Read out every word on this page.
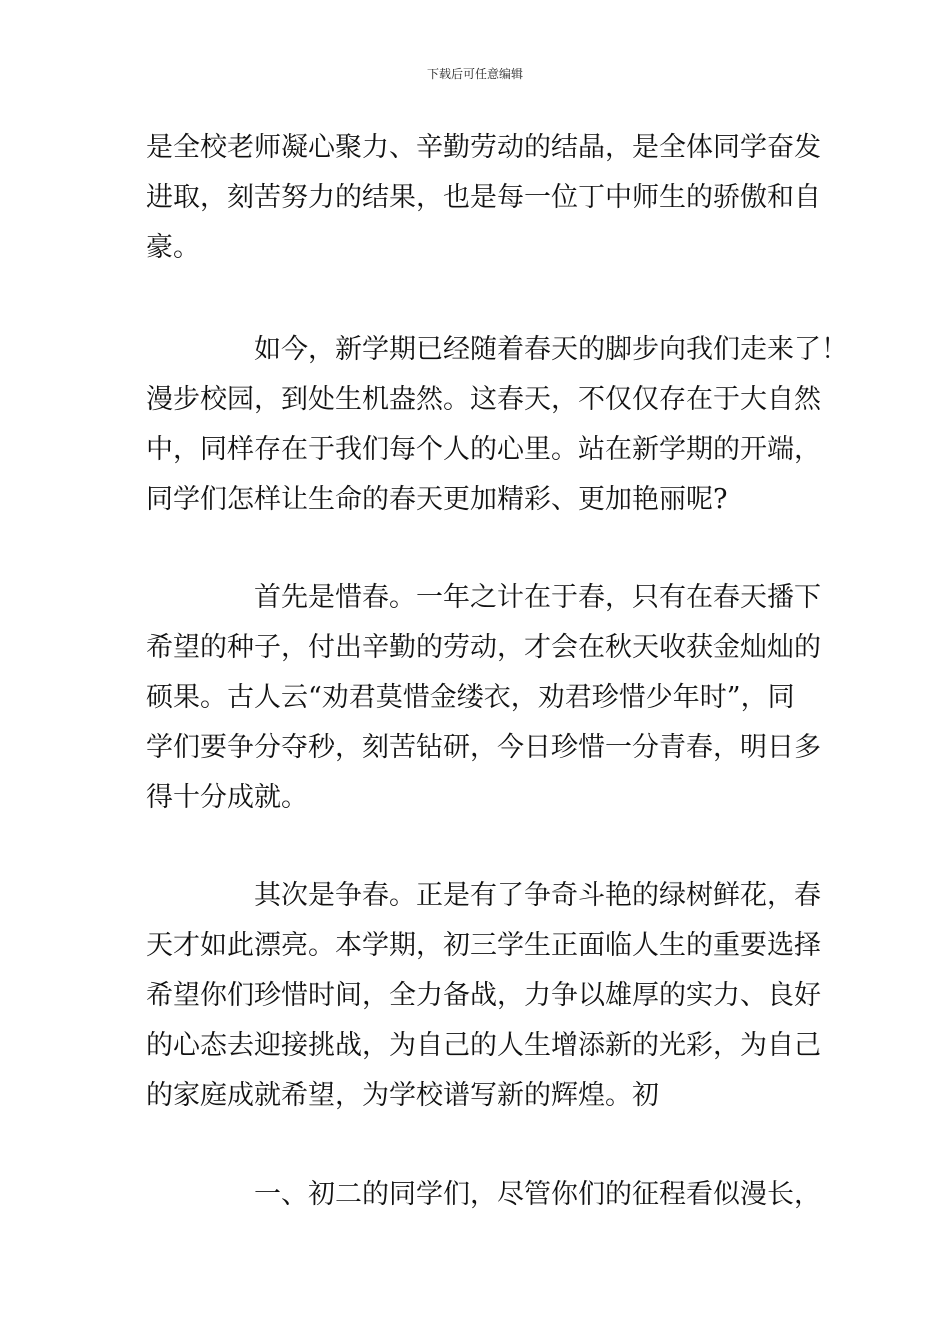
下载后可任意编辑
是全校老师凝心聚力、辛勤劳动的结晶，是全体同学奋发
进取，刻苦努力的结果，也是每一位丁中师生的骄傲和自
豪。
如今，新学期已经随着春天的脚步向我们走来了！
漫步校园，到处生机盎然。这春天，不仅仅存在于大自然
中，同样存在于我们每个人的心里。站在新学期的开端，
同学们怎样让生命的春天更加精彩、更加艳丽呢?
首先是惜春。一年之计在于春，只有在春天播下
希望的种子，付出辛勤的劳动，才会在秋天收获金灿灿的
硕果。古人云“劝君莫惜金缕衣，劝君珍惜少年时”，同
学们要争分夺秒，刻苦钻研，今日珍惜一分青春，明日多
得十分成就。
其次是争春。正是有了争奇斗艳的绿树鲜花，春
天才如此漂亮。本学期，初三学生正面临人生的重要选择
希望你们珍惜时间，全力备战，力争以雄厚的实力、良好
的心态去迎接挑战，为自己的人生增添新的光彩，为自己
的家庭成就希望，为学校谱写新的辉煌。初
一、初二的同学们，尽管你们的征程看似漫长，
